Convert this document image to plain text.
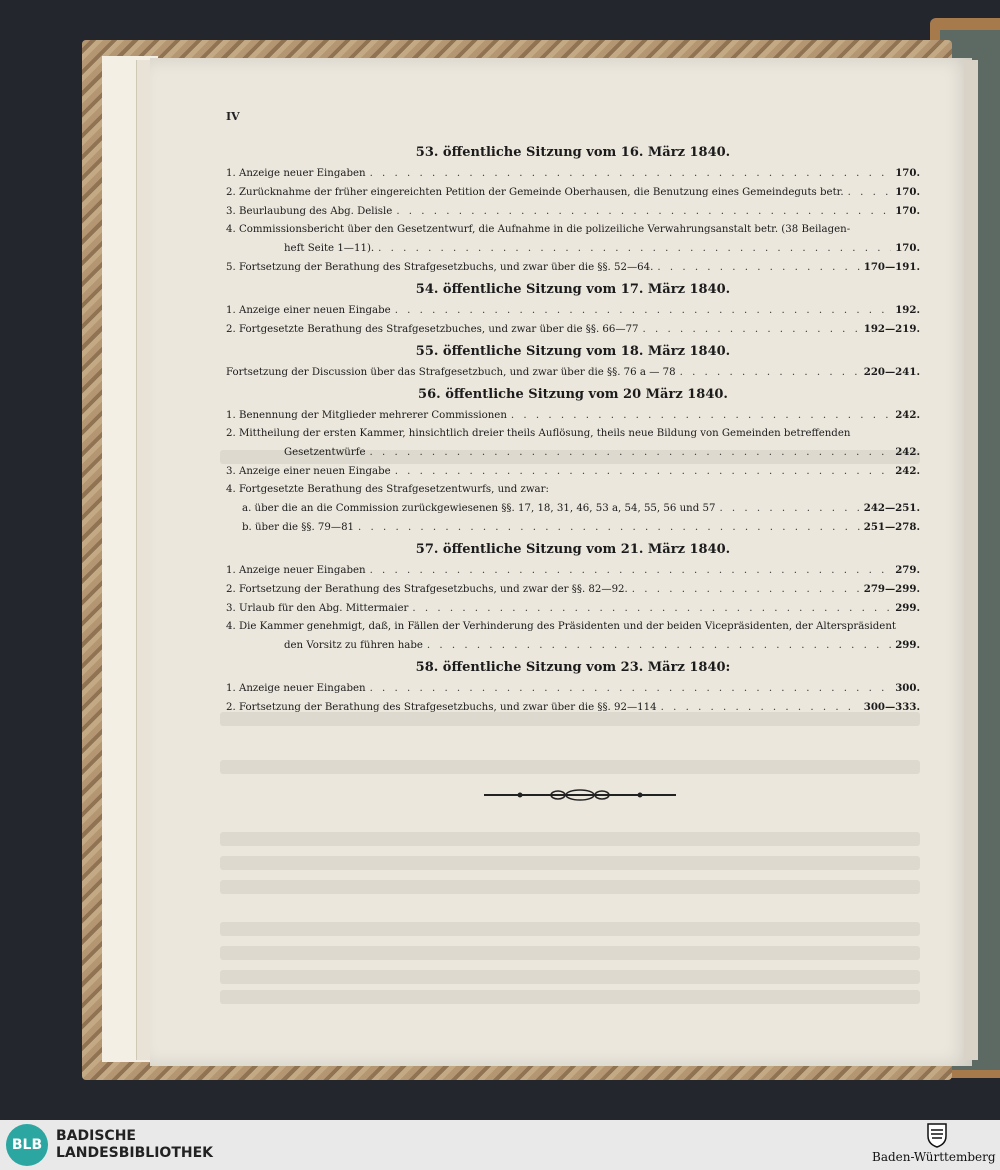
IV
53. öffentliche Sitzung vom 16. März 1840.
1. Anzeige neuer Eingaben . . .	170.
2. Zurücknahme der früher eingereichten Petition der Gemeinde Oberhausen, die Benutzung eines Gemeindeguts betr. . . .	170.
3. Beurlaubung des Abg. Delisle . . .	170.
4. Commissionsbericht über den Gesetzentwurf, die Aufnahme in die polizeiliche Verwahrungsanstalt betr. (38 Beilagen-
heft Seite 1—11). . . .	170.
5. Fortsetzung der Berathung des Strafgesetzbuchs, und zwar über die §§. 52—64. . . .	170—191.
54. öffentliche Sitzung vom 17. März 1840.
1. Anzeige einer neuen Eingabe . . .	192.
2. Fortgesetzte Berathung des Strafgesetzbuches, und zwar über die §§. 66—77 . . .	192—219.
55. öffentliche Sitzung vom 18. März 1840.
Fortsetzung der Discussion über das Strafgesetzbuch, und zwar über die §§. 76 a — 78 . . .	220—241.
56. öffentliche Sitzung vom 20 März 1840.
1. Benennung der Mitglieder mehrerer Commissionen . . .	242.
2. Mittheilung der ersten Kammer, hinsichtlich dreier theils Auflösung, theils neue Bildung von Gemeinden betreffenden
Gesetzentwürfe . . .	242.
3. Anzeige einer neuen Eingabe . . .	242.
4. Fortgesetzte Berathung des Strafgesetzentwurfs, und zwar:
a. über die an die Commission zurückgewiesenen §§. 17, 18, 31, 46, 53 a, 54, 55, 56 und 57 . . .	242—251.
b. über die §§. 79—81 . . .	251—278.
57. öffentliche Sitzung vom 21. März 1840.
1. Anzeige neuer Eingaben . . .	279.
2. Fortsetzung der Berathung des Strafgesetzbuchs, und zwar der §§. 82—92. . . .	279—299.
3. Urlaub für den Abg. Mittermaier . . .	299.
4. Die Kammer genehmigt, daß, in Fällen der Verhinderung des Präsidenten und der beiden Vicepräsidenten, der Alterspräsident
den Vorsitz zu führen habe . . .	299.
58. öffentliche Sitzung vom 23. März 1840:
1. Anzeige neuer Eingaben . . .	300.
2. Fortsetzung der Berathung des Strafgesetzbuchs, und zwar über die §§. 92—114 . . .	300—333.
BLB
BADISCHE
LANDESBIBLIOTHEK	Baden-Württemberg
